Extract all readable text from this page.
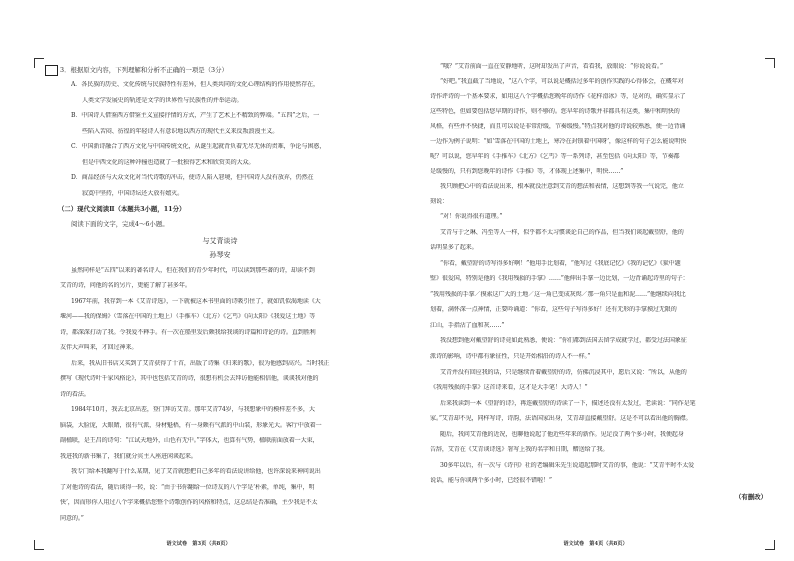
3．根据原文内容，下列理解和分析不正确的一项是（3分）
A．各民族的历史、文化传统与民族特性有差异，但人类共同的文化心理结构的作用使然存在，
人类文学发展史的轨迹是文学的世界性与民族性的并举运动。
B．中国诗人借鉴西方借鉴主义宣接抒情的方式，产生了艺术上不精致的弊端。“五四”之后，一
些陷入苦闷、彷徨的年轻诗人有意识地以西方的现代主义来反叛浪漫主义。
C．中国新诗融合了西方文化与中国传统文化，从诞生起就背负着无尽无休的责难，争论与困惑，
但是中西文化的这种冲撞也造就了一批独得艺术和欣赏美的大众。
D．商品经济与大众文化对当代诗歌的冲击，使诗人陷入窘境，但中国诗人没有放弃，仍然在
寂寞中坚持，中国诗坛还大放有嬉灭。
（二）现代文阅读Ⅱ（本题共3小题，11分）
阅读下面的文字，完成4～6小题。
与艾青谈诗
孙琴安
虽然同样是“五四”以来的著名诗人，但在我们的青少年时代，可以读到那些著的诗，却读不到
艾青的诗，问他的名的另片，更能了解了甚多年。
1967年前，我存到一本《艾青诗选》，一下就被这本书里面的诗吸引住了，就如饥似渴地读《大
堰河——我的保姆》（雪落在中国的土地上）（手推车）（北方）《乞丐》《向太阳》《我爱这土地》等
诗，都深深打动了我。令我爱不释手。有一次在船里发后颇我给我谈的诗篇和诗论的诗。直到胜利
友伴大声叫来，才回过神来。
后来，我从旧书店又买到了艾青获得了十首，出版了诗集《归来的歌》，很为他感到高兴。当时我正
撰写《现代诗叶千家风格论》，其中也包括艾青的诗，很想有机会去拜访他能相信他，谈谈我对他的
诗的看法。
1984年10月，我去北京出差，登门拜访艾青。那年艾青74岁，与我想象中的模样差不多，大
脑袋，大脸庞，大眼睛，很有气派，身材魁梧，有一身颇有气派的中山装，形象光大。客厅中放着一
副楹联，是王昌的诗句：“江试天地外，山色有无中。”字体大，也算有气势，楹联前面放着一大束，
我进我的新书集了，我们就分宾主入座进闲谈起来。
我专门给本我翻写于什么某期，见了艾青就想把自己多年的看法说讲给他，也许深说来神问说出
了对他诗的看法，随后谈得一转，说：“由于书你翻给一位诗友的八个字是‘朴素，单纯，集中，明
快’，因而形你人用过八个字来概括您整个诗歌创作的风格和特点，这总结是否准确，主少我是不太
同意的。”
语文试卷　第3页（共8页）
“哦？”艾青前面一直在安静地听，这时却发出了声音，看看我，放眼说：“你说说看。”
“好吧。”我直截了当地说，“这八个字，可以说是概括过多年的创作实践的心得体会，在概年对
诗作评诗的一个基本要求，如用这八个字概括您晚年的诗作《花样滑冰》等，是对的，确实显示了
这些特色，但如要包括您早期的诗作，则不够的。您早年的诗歌并非都具有这类，集中和明快的
风格，有些并不快捷，而且可以说是非常舒缓，节奏缓慢。”特点我对他的诗说较熟悉，便一边背诵
一边作为例子说明：“如‘雪落在中国的土地上，寒冷在封锁着中国呀’，像这样的句子怎么能说明快
呢？可以说，您早年的《手推车》《北方》《乞丐》等一系列诗，甚至包括《向太阳》等，节奏都
是缓慢的，只有到您晚年的诗作《手推》等，才体现上述集中，明快……”
我只顾把心中的看法说出来，根本就没注意到艾青的想法和表情，这想到等我一气说完，他立
刻说：
“对！你说得很有道理。”
艾青与于之琳、冯至等人一样，似乎都不太习惯谈论自己的作品，但当我们谈起戴望舒，他的
话明显多了起来。
“你看，戴望舒的诗写得多好啊！”他用手比划着，“他写过《我底记忆》《我的记忆》《狱中题
壁》很爱国，特别是他的《我用残损的手掌》……”他伸出手掌一边比划，一边背诵起诗里的句子：
“我用残损的手掌／摸索这广大的土地／这一角已变成灰烬／那一角只是血和泥……”他继续向我比
划着，满怀深一点神情，正要吟诵道：“你看，这些句子写得多好！还有无形的手掌摸过无限的
江山，手指沾了血和灰……”
我没想到他对戴望舒的诗竟如此熟悉，便说：“你们都到法国去留学成就学过，都受过法国象征
派诗的影响，诗中都有象征性，只是开始相沿的诗人不一样。”
艾青并没有回应我的话，只是继续背着戴望舒的诗，仿佛沉浸其中，愿后又说：“所以，从他的
《我用残损的手掌》这首诗来看，这才是大手笔！大诗人！”
后来我读到一本《望舒的诗》，再连戴望舒的诗读了一下，描述还没有太发过，老读说：“同作是笔
家。”艾青却不见，同样写诗，诗韵，法语国家出身，艾青却直接戴望舒。这是不可以看出他的胸襟。
随后，我问艾青他的近况，也聊他说起了他近些年来的新作。见足没了两个多小时，我便起身
告辞，艾青在《艾青谈诗选》署写上我的名字和日期，赠送给了我。
30多年以后，有一次与《诗刊》社的老编辑朱先生说道起那时艾青的事，他说：“艾青平时不太爱
说话，能与你谈两个多小时，已经很不错啦！”
（有删改）
语文试卷　第4页（共8页）
